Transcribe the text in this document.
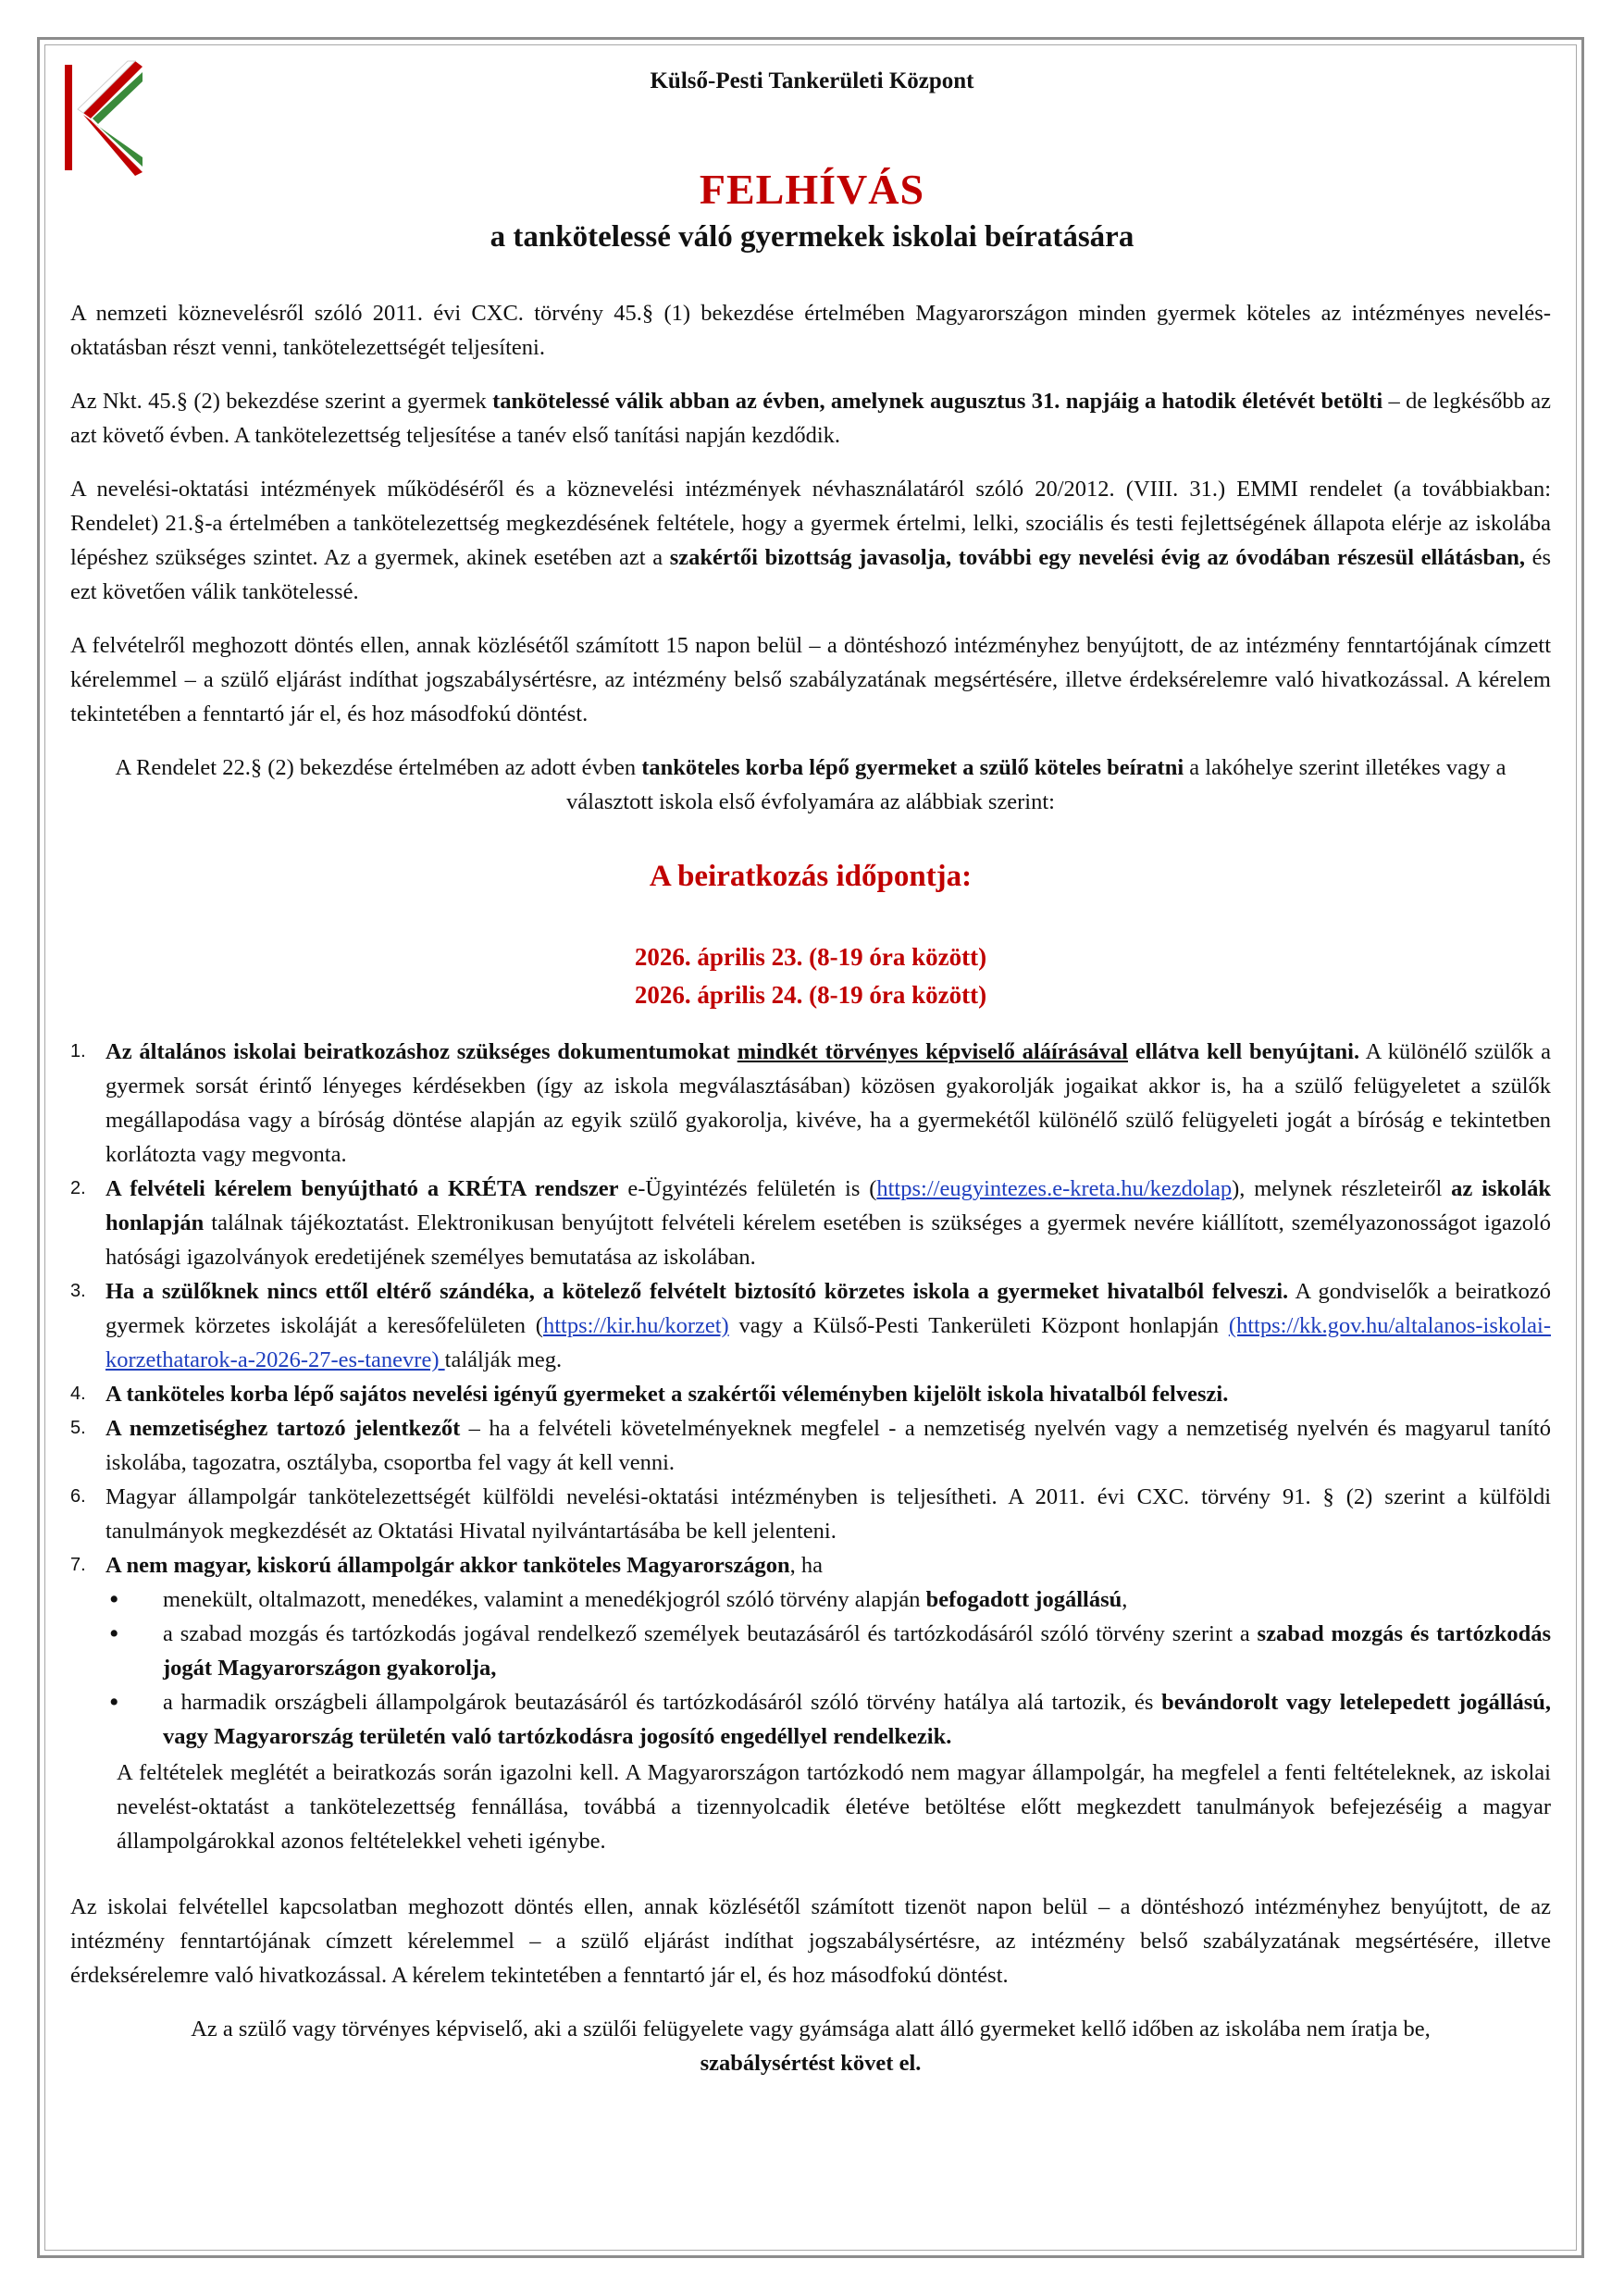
Külső-Pesti Tankerületi Központ
FELHÍVÁS
a tankötelessé váló gyermekek iskolai beíratására

A nemzeti köznevelésről szóló 2011. évi CXC. törvény 45.§ (1) bekezdése értelmében Magyarországon minden gyermek köteles az intézményes nevelés-oktatásban részt venni, tankötelezettségét teljesíteni.

Az Nkt. 45.§ (2) bekezdése szerint a gyermek tankötelessé válik abban az évben, amelynek augusztus 31. napjáig a hatodik életévét betölti – de legkésőbb az azt követő évben. A tankötelezettség teljesítése a tanév első tanítási napján kezdődik.

A nevelési-oktatási intézmények működéséről és a köznevelési intézmények névhasználatáról szóló 20/2012. (VIII. 31.) EMMI rendelet (a továbbiakban: Rendelet) 21.§-a értelmében a tankötelezettség megkezdésének feltétele, hogy a gyermek értelmi, lelki, szociális és testi fejlettségének állapota elérje az iskolába lépéshez szükséges szintet. Az a gyermek, akinek esetében azt a szakértői bizottság javasolja, további egy nevelési évig az óvodában részesül ellátásban, és ezt követően válik tankötelessé.

A felvételről meghozott döntés ellen, annak közlésétől számított 15 napon belül – a döntéshozó intézményhez benyújtott, de az intézmény fenntartójának címzett kérelemmel – a szülő eljárást indíthat jogszabálysértésre, az intézmény belső szabályzatának megsértésére, illetve érdeksérelemre való hivatkozással. A kérelem tekintetében a fenntartó jár el, és hoz másodfokú döntést.

A Rendelet 22.§ (2) bekezdése értelmében az adott évben tanköteles korba lépő gyermeket a szülő köteles beíratni a lakóhelye szerint illetékes vagy a választott iskola első évfolyamára az alábbiak szerint:

A beiratkozás időpontja:
2026. április 23. (8-19 óra között)
2026. április 24. (8-19 óra között)
1. Az általános iskolai beiratkozáshoz szükséges dokumentumokat mindkét törvényes képviselő aláírásával ellátva kell benyújtani. A különélő szülők a gyermek sorsát érintő lényeges kérdésekben (így az iskola megválasztásában) közösen gyakorolják jogaikat akkor is, ha a szülő felügyeletet a szülők megállapodása vagy a bíróság döntése alapján az egyik szülő gyakorolja, kivéve, ha a gyermekétől különélő szülő felügyeleti jogát a bíróság e tekintetben korlátozta vagy megvonta.
2. A felvételi kérelem benyújtható a KRÉTA rendszer e-Ügyintézés felületén is (https://eugyintezes.e-kreta.hu/kezdolap), melynek részleteiről az iskolák honlapján találnak tájékoztatást. Elektronikusan benyújtott felvételi kérelem esetében is szükséges a gyermek nevére kiállított, személyazonosságot igazoló hatósági igazolványok eredetijének személyes bemutatása az iskolában.
3. Ha a szülőknek nincs ettől eltérő szándéka, a kötelező felvételt biztosító körzetes iskola a gyermeket hivatalból felveszi. A gondviselők a beiratkozó gyermek körzetes iskoláját a keresőfelületen (https://kir.hu/korzet) vagy a Külső-Pesti Tankerületi Központ honlapján (https://kk.gov.hu/altalanos-iskolai-korzethatarok-a-2026-27-es-tanevre) találják meg.
4. A tanköteles korba lépő sajátos nevelési igényű gyermeket a szakértői véleményben kijelölt iskola hivatalból felveszi.
5. A nemzetiséghez tartozó jelentkezőt – ha a felvételi követelményeknek megfelel - a nemzetiség nyelvén vagy a nemzetiség nyelvén és magyarul tanító iskolába, tagozatra, osztályba, csoportba fel vagy át kell venni.
6. Magyar állampolgár tankötelezettségét külföldi nevelési-oktatási intézményben is teljesítheti. A 2011. évi CXC. törvény 91. § (2) szerint a külföldi tanulmányok megkezdését az Oktatási Hivatal nyilvántartásába be kell jelenteni.
7. A nem magyar, kiskorú állampolgár akkor tanköteles Magyarországon, ha
• menekült, oltalmazott, menedékes, valamint a menedékjogról szóló törvény alapján befogadott jogállású,
• a szabad mozgás és tartózkodás jogával rendelkező személyek beutazásáról és tartózkodásáról szóló törvény szerint a szabad mozgás és tartózkodás jogát Magyarországon gyakorolja,
• a harmadik országbeli állampolgárok beutazásáról és tartózkodásáról szóló törvény hatálya alá tartozik, és bevándorolt vagy letelepedett jogállású, vagy Magyarország területén való tartózkodásra jogosító engedéllyel rendelkezik.
A feltételek meglétét a beiratkozás során igazolni kell. A Magyarországon tartózkodó nem magyar állampolgár, ha megfelel a fenti feltételeknek, az iskolai nevelést-oktatást a tankötelezettség fennállása, továbbá a tizennyolcadik életéve betöltése előtt megkezdett tanulmányok befejezéséig a magyar állampolgárokkal azonos feltételekkel veheti igénybe.

Az iskolai felvétellel kapcsolatban meghozott döntés ellen, annak közlésétől számított tizenöt napon belül – a döntéshozó intézményhez benyújtott, de az intézmény fenntartójának címzett kérelemmel – a szülő eljárást indíthat jogszabálysértésre, az intézmény belső szabályzatának megsértésére, illetve érdeksérelemre való hivatkozással. A kérelem tekintetében a fenntartó jár el, és hoz másodfokú döntést.

Az a szülő vagy törvényes képviselő, aki a szülői felügyelete vagy gyámsága alatt álló gyermeket kellő időben az iskolába nem íratja be,
szabálysértést követ el.
